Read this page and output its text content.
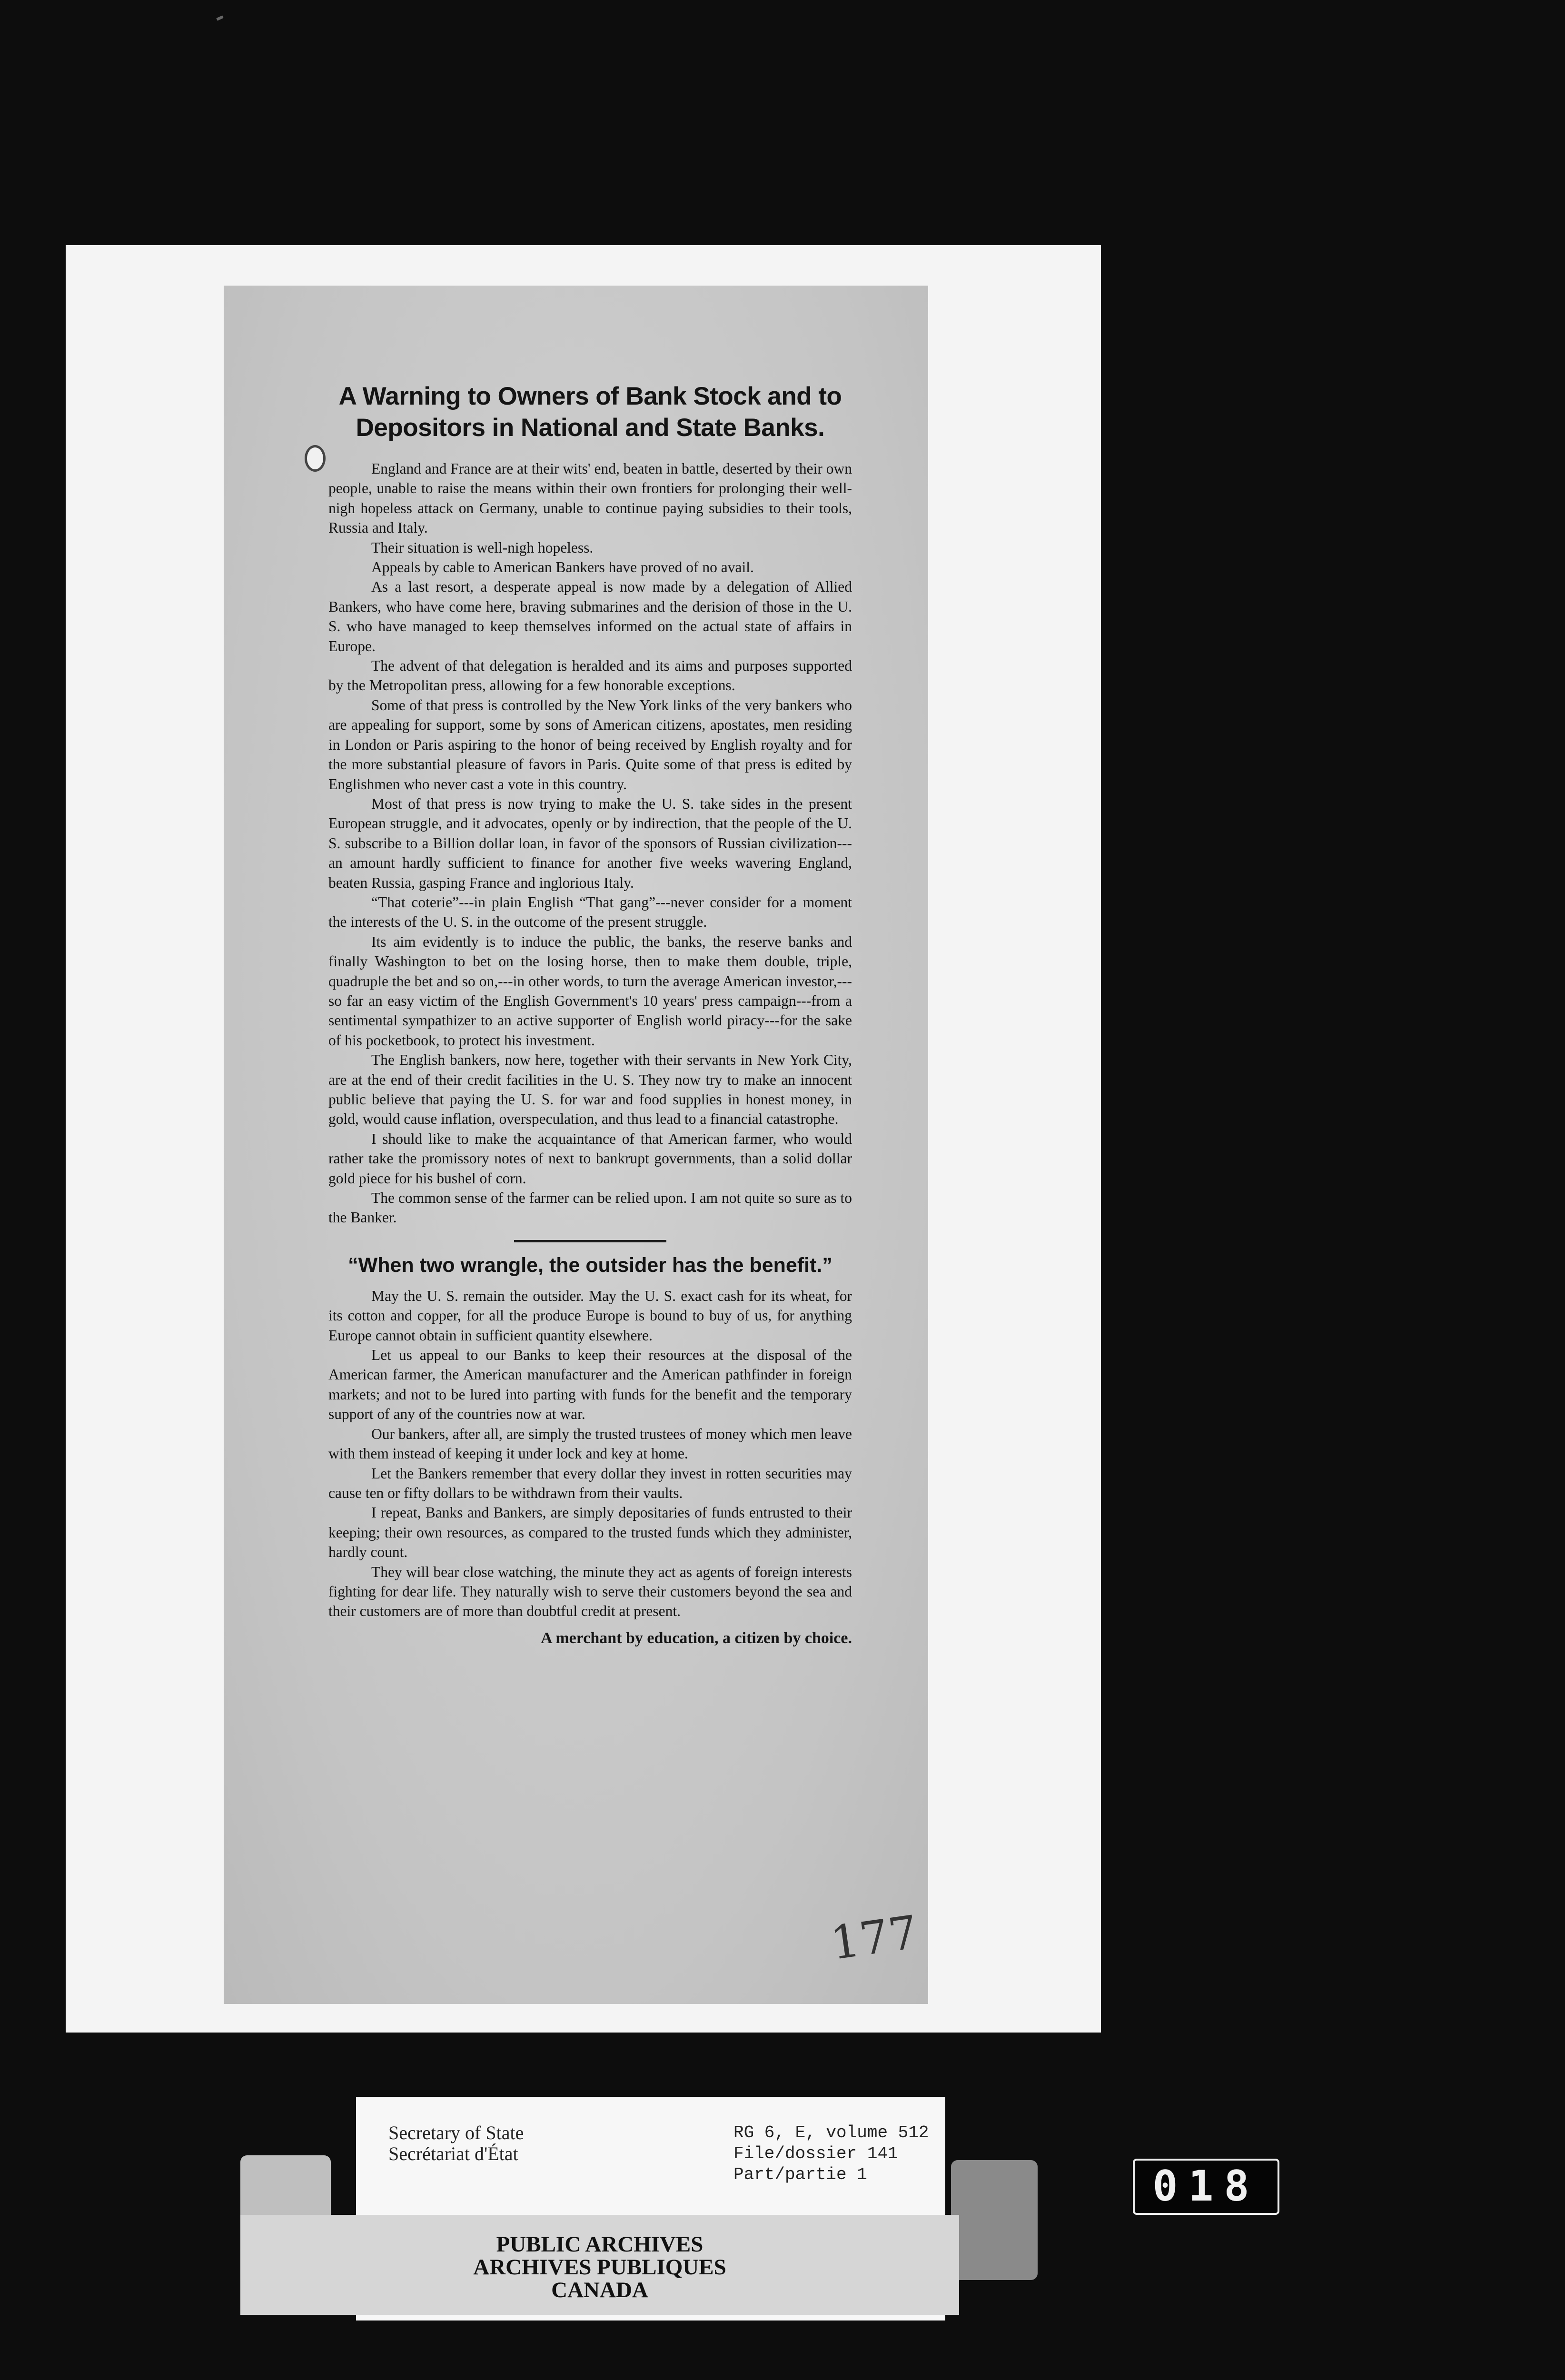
A Warning to Owners of Bank Stock and to Depositors in National and State Banks.

England and France are at their wits' end, beaten in battle, deserted by their own people, unable to raise the means within their own frontiers for prolonging their well-nigh hopeless attack on Germany, unable to continue paying subsidies to their tools, Russia and Italy.

Their situation is well-nigh hopeless.

Appeals by cable to American Bankers have proved of no avail.

As a last resort, a desperate appeal is now made by a delegation of Allied Bankers, who have come here, braving submarines and the derision of those in the U. S. who have managed to keep themselves informed on the actual state of affairs in Europe.

The advent of that delegation is heralded and its aims and purposes supported by the Metropolitan press, allowing for a few honorable exceptions.

Some of that press is controlled by the New York links of the very bankers who are appealing for support, some by sons of American citizens, apostates, men residing in London or Paris aspiring to the honor of being received by English royalty and for the more substantial pleasure of favors in Paris. Quite some of that press is edited by Englishmen who never cast a vote in this country.

Most of that press is now trying to make the U. S. take sides in the present European struggle, and it advocates, openly or by indirection, that the people of the U. S. subscribe to a Billion dollar loan, in favor of the sponsors of Russian civilization---an amount hardly sufficient to finance for another five weeks wavering England, beaten Russia, gasping France and inglorious Italy.

“That coterie”---in plain English “That gang”---never consider for a moment the interests of the U. S. in the outcome of the present struggle.

Its aim evidently is to induce the public, the banks, the reserve banks and finally Washington to bet on the losing horse, then to make them double, triple, quadruple the bet and so on,---in other words, to turn the average American investor,---so far an easy victim of the English Government's 10 years' press campaign---from a sentimental sympathizer to an active supporter of English world piracy---for the sake of his pocketbook, to protect his investment.

The English bankers, now here, together with their servants in New York City, are at the end of their credit facilities in the U. S. They now try to make an innocent public believe that paying the U. S. for war and food supplies in honest money, in gold, would cause inflation, overspeculation, and thus lead to a financial catastrophe.

I should like to make the acquaintance of that American farmer, who would rather take the promissory notes of next to bankrupt governments, than a solid dollar gold piece for his bushel of corn.

The common sense of the farmer can be relied upon. I am not quite so sure as to the Banker.

“When two wrangle, the outsider has the benefit.”

May the U. S. remain the outsider. May the U. S. exact cash for its wheat, for its cotton and copper, for all the produce Europe is bound to buy of us, for anything Europe cannot obtain in sufficient quantity elsewhere.

Let us appeal to our Banks to keep their resources at the disposal of the American farmer, the American manufacturer and the American pathfinder in foreign markets; and not to be lured into parting with funds for the benefit and the temporary support of any of the countries now at war.

Our bankers, after all, are simply the trusted trustees of money which men leave with them instead of keeping it under lock and key at home.

Let the Bankers remember that every dollar they invest in rotten securities may cause ten or fifty dollars to be withdrawn from their vaults.

I repeat, Banks and Bankers, are simply depositaries of funds entrusted to their keeping; their own resources, as compared to the trusted funds which they administer, hardly count.

They will bear close watching, the minute they act as agents of foreign interests fighting for dear life. They naturally wish to serve their customers beyond the sea and their customers are of more than doubtful credit at present.

A merchant by education, a citizen by choice.
177
Secretary of State
Secrétariat d'État
RG 6, E, volume 512
File/dossier 141
Part/partie 1
PUBLIC ARCHIVES
ARCHIVES PUBLIQUES
CANADA
018
